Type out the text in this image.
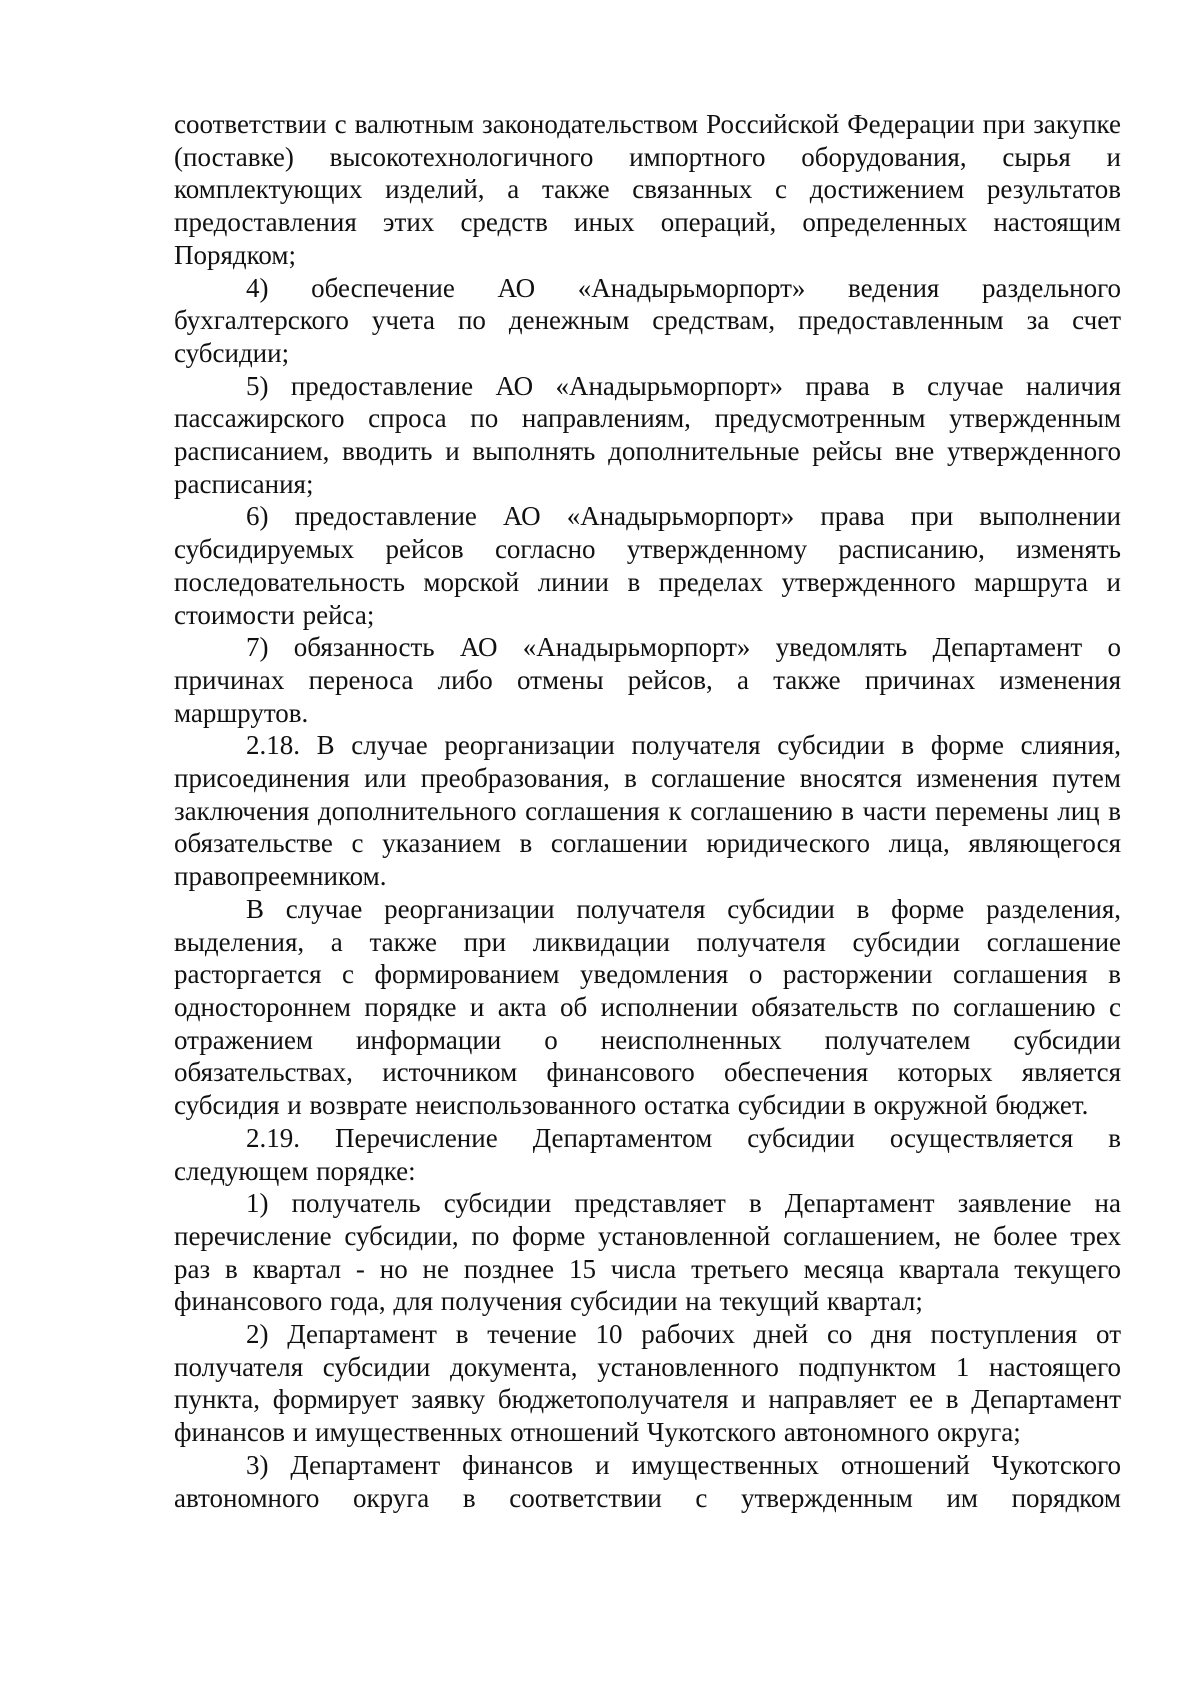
соответствии с валютным законодательством Российской Федерации при закупке (поставке) высокотехнологичного импортного оборудования, сырья и комплектующих изделий, а также связанных с достижением результатов предоставления этих средств иных операций, определенных настоящим Порядком;

4) обеспечение АО «Анадырьморпорт» ведения раздельного бухгалтерского учета по денежным средствам, предоставленным за счет субсидии;

5) предоставление АО «Анадырьморпорт» права в случае наличия пассажирского спроса по направлениям, предусмотренным утвержденным расписанием, вводить и выполнять дополнительные рейсы вне утвержденного расписания;

6) предоставление АО «Анадырьморпорт» права при выполнении субсидируемых рейсов согласно утвержденному расписанию, изменять последовательность морской линии в пределах утвержденного маршрута и стоимости рейса;

7) обязанность АО «Анадырьморпорт» уведомлять Департамент о причинах переноса либо отмены рейсов, а также причинах изменения маршрутов.

2.18. В случае реорганизации получателя субсидии в форме слияния, присоединения или преобразования, в соглашение вносятся изменения путем заключения дополнительного соглашения к соглашению в части перемены лиц в обязательстве с указанием в соглашении юридического лица, являющегося правопреемником.

В случае реорганизации получателя субсидии в форме разделения, выделения, а также при ликвидации получателя субсидии соглашение расторгается с формированием уведомления о расторжении соглашения в одностороннем порядке и акта об исполнении обязательств по соглашению с отражением информации о неисполненных получателем субсидии обязательствах, источником финансового обеспечения которых является субсидия и возврате неиспользованного остатка субсидии в окружной бюджет.

2.19. Перечисление Департаментом субсидии осуществляется в следующем порядке:

1) получатель субсидии представляет в Департамент заявление на перечисление субсидии, по форме установленной соглашением, не более трех раз в квартал - но не позднее 15 числа третьего месяца квартала текущего финансового года, для получения субсидии на текущий квартал;

2) Департамент в течение 10 рабочих дней со дня поступления от получателя субсидии документа, установленного подпунктом 1 настоящего пункта, формирует заявку бюджетополучателя и направляет ее в Департамент финансов и имущественных отношений Чукотского автономного округа;

3) Департамент финансов и имущественных отношений Чукотского автономного округа в соответствии с утвержденным им порядком
